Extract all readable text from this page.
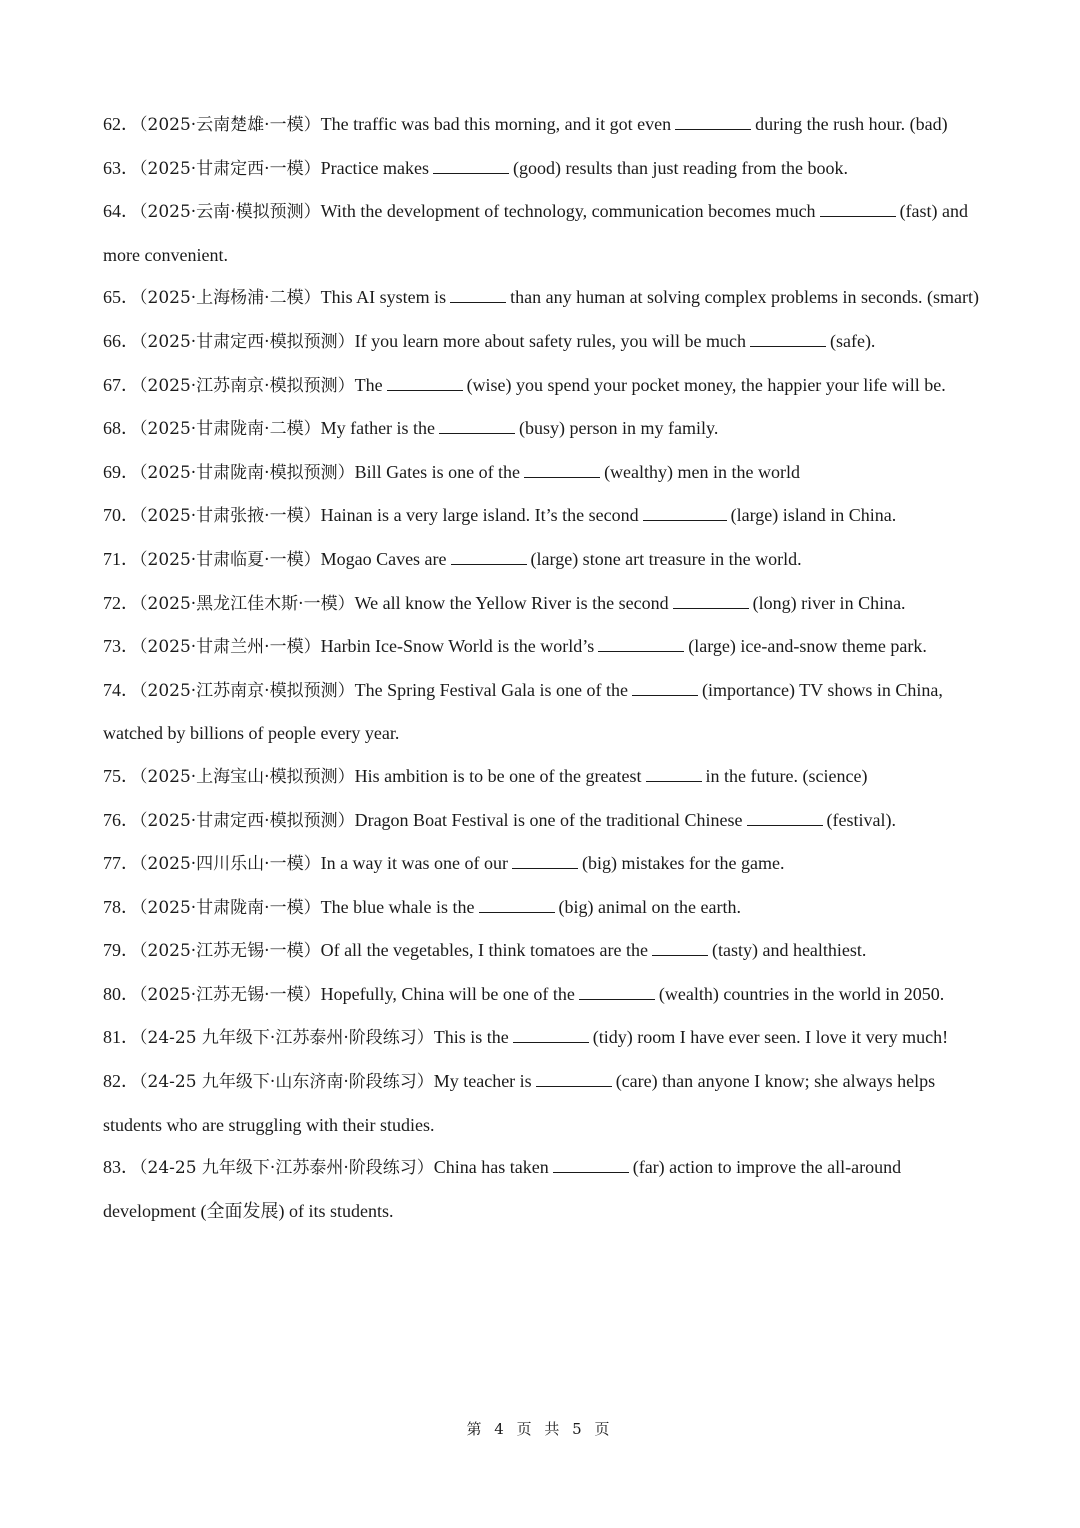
62．（2025·云南楚雄·一模）The traffic was bad this morning, and it got even	during the rush hour. (bad)

63．（2025·甘肃定西·一模）Practice makes	(good) results than just reading from the book.

64．（2025·云南·模拟预测）With the development of technology, communication becomes much	(fast) and more convenient.

65．（2025·上海杨浦·二模）This AI system is	than any human at solving complex problems in seconds. (smart)

66．（2025·甘肃定西·模拟预测）If you learn more about safety rules, you will be much	(safe).

67．（2025·江苏南京·模拟预测）The	(wise) you spend your pocket money, the happier your life will be.

68．（2025·甘肃陇南·二模）My father is the	(busy) person in my family.

69．（2025·甘肃陇南·模拟预测）Bill Gates is one of the	(wealthy) men in the world

70．（2025·甘肃张掖·一模）Hainan is a very large island. It’s the second	(large) island in China.

71．（2025·甘肃临夏·一模）Mogao Caves are	(large) stone art treasure in the world.

72．（2025·黑龙江佳木斯·一模）We all know the Yellow River is the second	(long) river in China.

73．（2025·甘肃兰州·一模）Harbin Ice-Snow World is the world’s	(large) ice-and-snow theme park.

74．（2025·江苏南京·模拟预测）The Spring Festival Gala is one of the	(importance) TV shows in China, watched by billions of people every year.

75．（2025·上海宝山·模拟预测）His ambition is to be one of the greatest	in the future. (science)

76．（2025·甘肃定西·模拟预测）Dragon Boat Festival is one of the traditional Chinese	(festival).

77．（2025·四川乐山·一模）In a way it was one of our	(big) mistakes for the game.

78．（2025·甘肃陇南·一模）The blue whale is the	(big) animal on the earth.

79．（2025·江苏无锡·一模）Of all the vegetables, I think tomatoes are the	(tasty) and healthiest.

80．（2025·江苏无锡·一模）Hopefully, China will be one of the	(wealth) countries in the world in 2050.

81．（24-25 九年级下·江苏泰州·阶段练习）This is the	(tidy) room I have ever seen. I love it very much!

82．（24-25 九年级下·山东济南·阶段练习）My teacher is	(care) than anyone I know; she always helps students who are struggling with their studies.

83．（24-25 九年级下·江苏泰州·阶段练习）China has taken	(far) action to improve the all-around development (全面发展) of its students.

第 4 页 共 5 页
